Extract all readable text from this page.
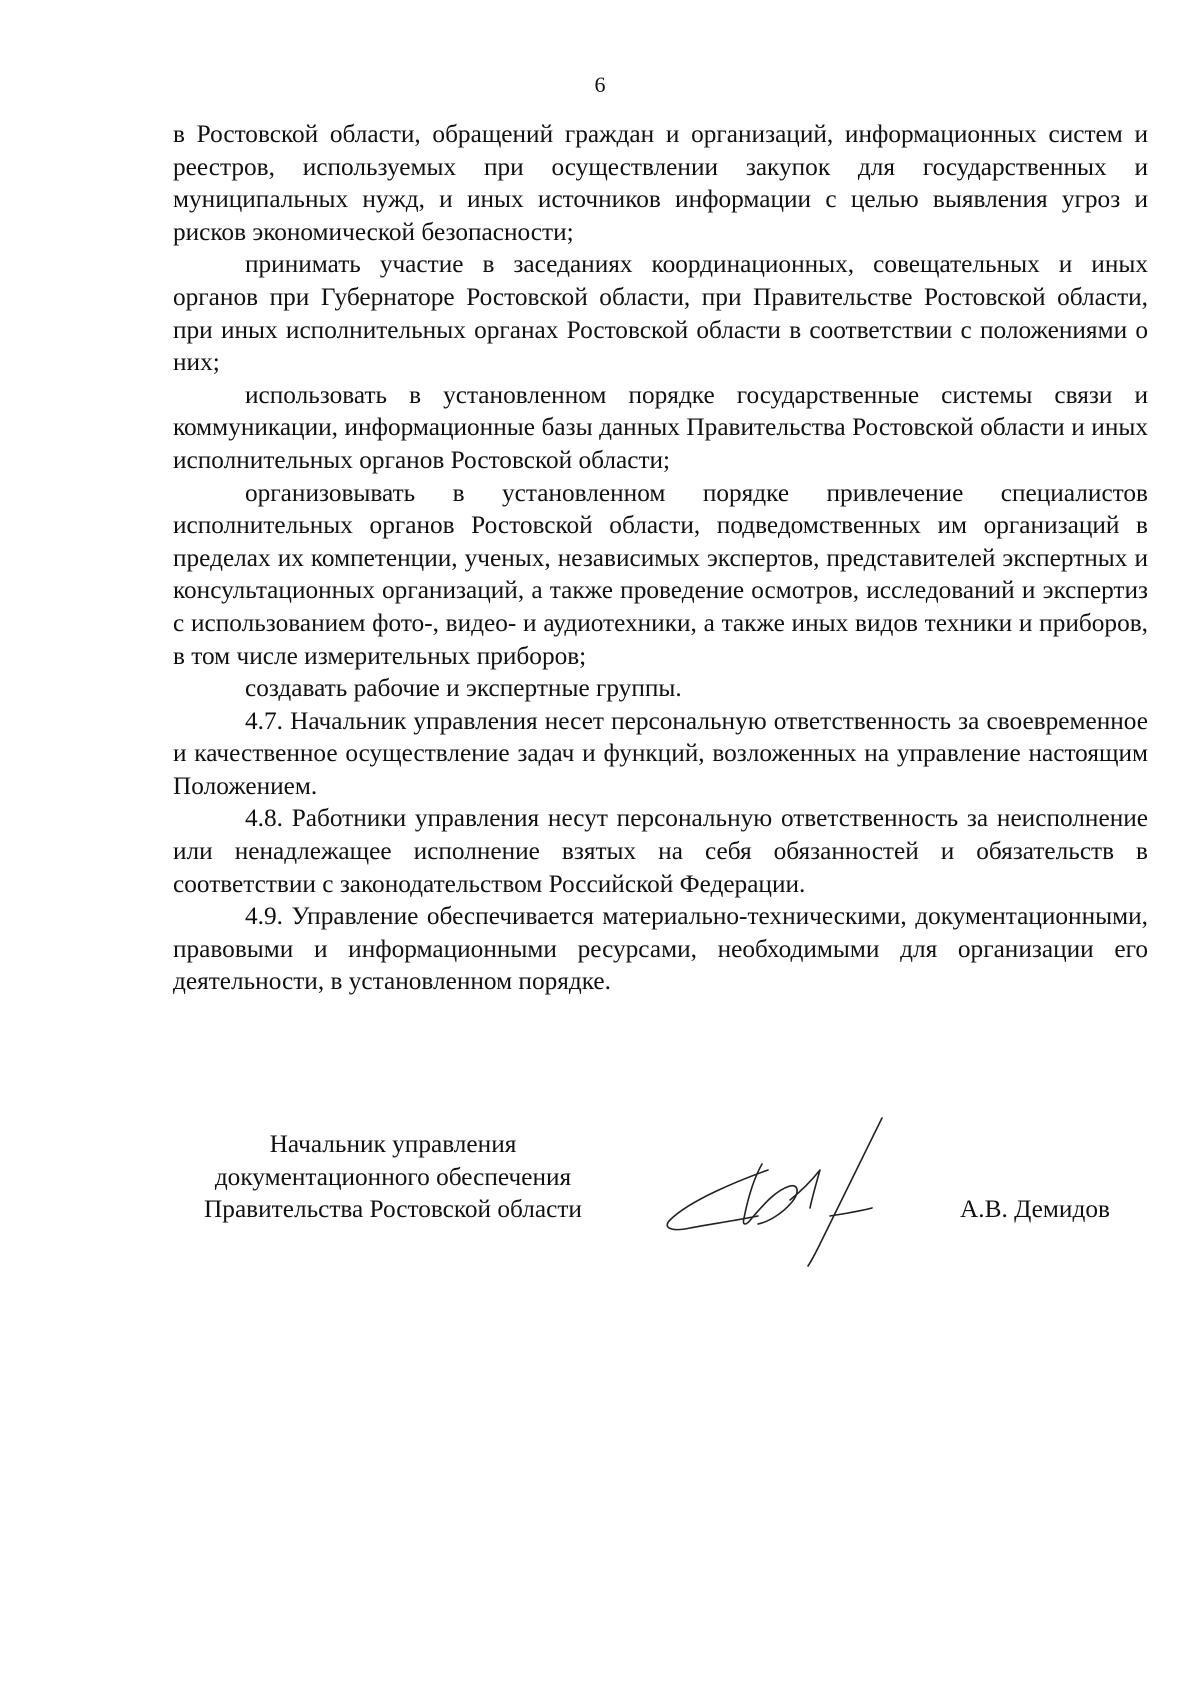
6

в Ростовской области, обращений граждан и организаций, информационных систем и реестров, используемых при осуществлении закупок для государственных и муниципальных нужд, и иных источников информации с целью выявления угроз и рисков экономической безопасности;

принимать участие в заседаниях координационных, совещательных и иных органов при Губернаторе Ростовской области, при Правительстве Ростовской области, при иных исполнительных органах Ростовской области в соответствии с положениями о них;

использовать в установленном порядке государственные системы связи и коммуникации, информационные базы данных Правительства Ростовской области и иных исполнительных органов Ростовской области;

организовывать в установленном порядке привлечение специалистов исполнительных органов Ростовской области, подведомственных им организаций в пределах их компетенции, ученых, независимых экспертов, представителей экспертных и консультационных организаций, а также проведение осмотров, исследований и экспертиз с использованием фото-, видео- и аудиотехники, а также иных видов техники и приборов, в том числе измерительных приборов;

создавать рабочие и экспертные группы.

4.7. Начальник управления несет персональную ответственность за своевременное и качественное осуществление задач и функций, возложенных на управление настоящим Положением.

4.8. Работники управления несут персональную ответственность за неисполнение или ненадлежащее исполнение взятых на себя обязанностей и обязательств в соответствии с законодательством Российской Федерации.

4.9. Управление обеспечивается материально-техническими, документационными, правовыми и информационными ресурсами, необходимыми для организации его деятельности, в установленном порядке.

Начальник управления
документационного обеспечения
Правительства Ростовской области	А.В. Демидов
